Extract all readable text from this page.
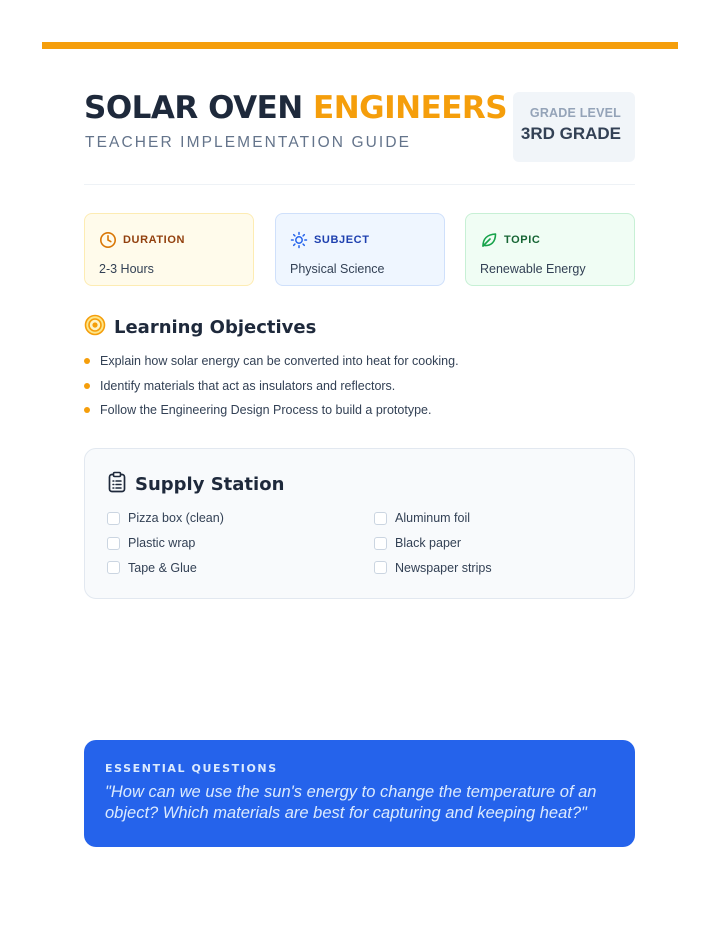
SOLAR OVEN ENGINEERS
TEACHER IMPLEMENTATION GUIDE
GRADE LEVEL
3RD GRADE
DURATION
2-3 Hours
SUBJECT
Physical Science
TOPIC
Renewable Energy
Learning Objectives
Explain how solar energy can be converted into heat for cooking.
Identify materials that act as insulators and reflectors.
Follow the Engineering Design Process to build a prototype.
Supply Station
Pizza box (clean)	Aluminum foil
Plastic wrap	Black paper
Tape & Glue	Newspaper strips
ESSENTIAL QUESTIONS
"How can we use the sun's energy to change the temperature of an object? Which materials are best for capturing and keeping heat?"
